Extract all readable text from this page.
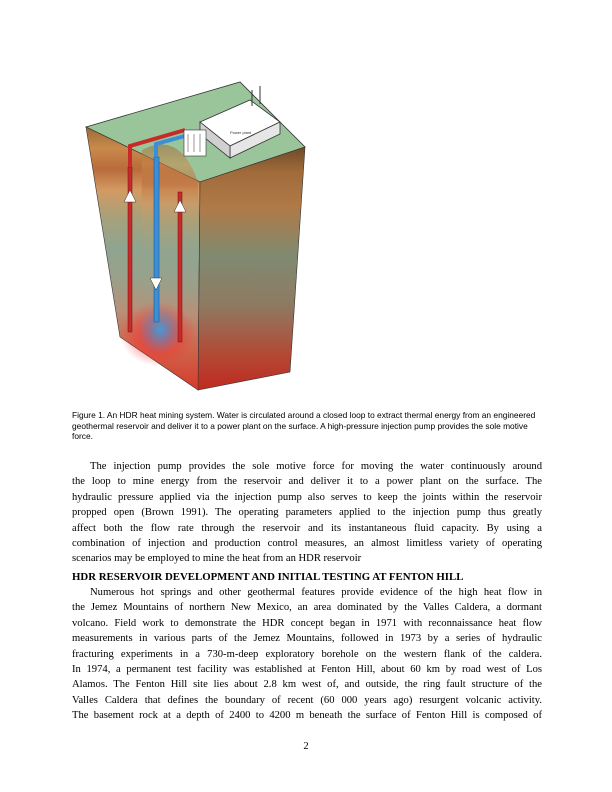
Power plant
Figure 1. An HDR heat mining system. Water is circulated around a closed loop to extract thermal energy from an engineered geothermal reservoir and deliver it to a power plant on the surface. A high-pressure injection pump provides the sole motive force.

The injection pump provides the sole motive force for moving the water continuously around
the loop to mine energy from the reservoir and deliver it to a power plant on the surface. The
hydraulic pressure applied via the injection pump also serves to keep the joints within the reservoir
propped open (Brown 1991). The operating parameters applied to the injection pump thus greatly
affect both the flow rate through the reservoir and its instantaneous fluid capacity. By using a
combination of injection and production control measures, an almost limitless variety of operating
scenarios may be employed to mine the heat from an HDR reservoir

HDR RESERVOIR DEVELOPMENT AND INITIAL TESTING AT FENTON HILL

Numerous hot springs and other geothermal features provide evidence of the high heat flow in
the Jemez Mountains of northern New Mexico, an area dominated by the Valles Caldera, a dormant
volcano. Field work to demonstrate the HDR concept began in 1971 with reconnaissance heat flow
measurements in various parts of the Jemez Mountains, followed in 1973 by a series of hydraulic
fracturing experiments in a 730-m-deep exploratory borehole on the western flank of the caldera.
In 1974, a permanent test facility was established at Fenton Hill, about 60 km by road west of Los
Alamos. The Fenton Hill site lies about 2.8 km west of, and outside, the ring fault structure of the
Valles Caldera that defines the boundary of recent (60 000 years ago) resurgent volcanic activity.
The basement rock at a depth of 2400 to 4200 m beneath the surface of Fenton Hill is composed of

2
